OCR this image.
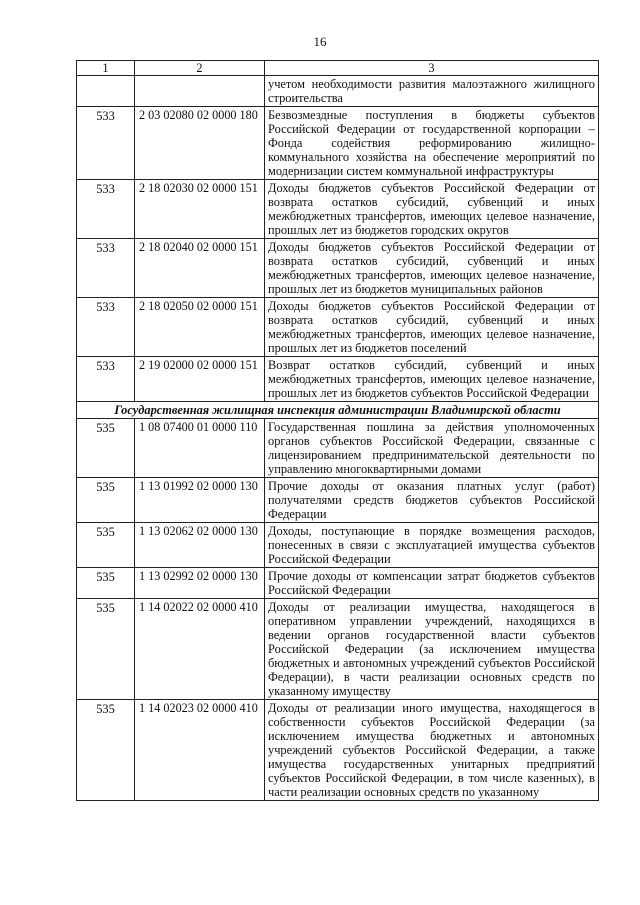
16
1	2	3
		учетом необходимости развития малоэтажного жилищного строительства
533	2 03 02080 02 0000 180	Безвозмездные поступления в бюджеты субъектов Российской Федерации от государственной корпорации – Фонда содействия реформированию жилищно-коммунального хозяйства на обеспечение мероприятий по модернизации систем коммунальной инфраструктуры
533	2 18 02030 02 0000 151	Доходы бюджетов субъектов Российской Федерации от возврата остатков субсидий, субвенций и иных межбюджетных трансфертов, имеющих целевое назначение, прошлых лет из бюджетов городских округов
533	2 18 02040 02 0000 151	Доходы бюджетов субъектов Российской Федерации от возврата остатков субсидий, субвенций и иных межбюджетных трансфертов, имеющих целевое назначение, прошлых лет из бюджетов муниципальных районов
533	2 18 02050 02 0000 151	Доходы бюджетов субъектов Российской Федерации от возврата остатков субсидий, субвенций и иных межбюджетных трансфертов, имеющих целевое назначение, прошлых лет из бюджетов поселений
533	2 19 02000 02 0000 151	Возврат остатков субсидий, субвенций и иных межбюджетных трансфертов, имеющих целевое назначение, прошлых лет из бюджетов субъектов Российской Федерации
Государственная жилищная инспекция администрации Владимирской области		
535	1 08 07400 01 0000 110	Государственная пошлина за действия уполномоченных органов субъектов Российской Федерации, связанные с лицензированием предпринимательской деятельности по управлению многоквартирными домами
535	1 13 01992 02 0000 130	Прочие доходы от оказания платных услуг (работ) получателями средств бюджетов субъектов Российской Федерации
535	1 13 02062 02 0000 130	Доходы, поступающие в порядке возмещения расходов, понесенных в связи с эксплуатацией имущества субъектов Российской Федерации
535	1 13 02992 02 0000 130	Прочие доходы от компенсации затрат бюджетов субъектов Российской Федерации
535	1 14 02022 02 0000 410	Доходы от реализации имущества, находящегося в оперативном управлении учреждений, находящихся в ведении органов государственной власти субъектов Российской Федерации (за исключением имущества бюджетных и автономных учреждений субъектов Российской Федерации), в части реализации основных средств по указанному имуществу
535	1 14 02023 02 0000 410	Доходы от реализации иного имущества, находящегося в собственности субъектов Российской Федерации (за исключением имущества бюджетных и автономных учреждений субъектов Российской Федерации, а также имущества государственных унитарных предприятий субъектов Российской Федерации, в том числе казенных), в части реализации основных средств по указанному
